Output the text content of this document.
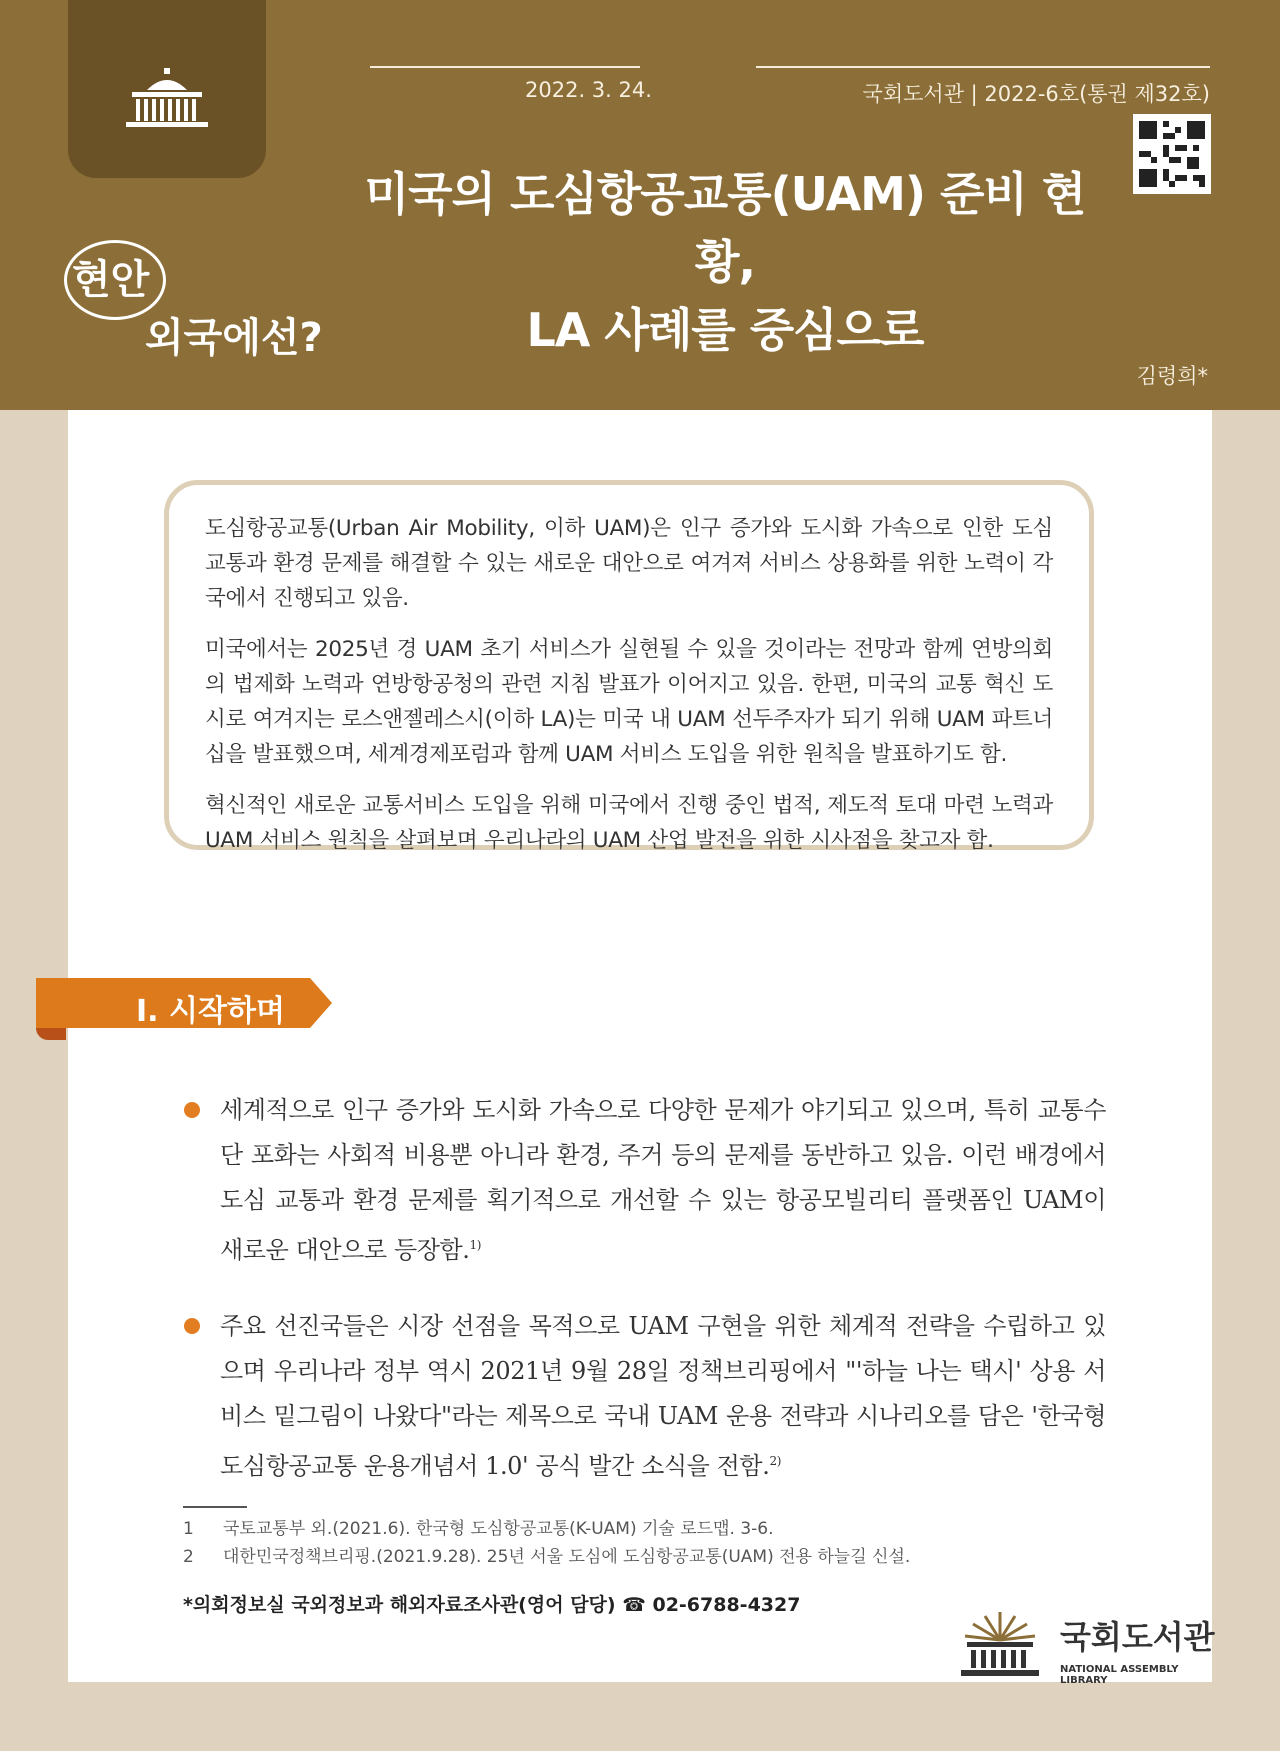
2022. 3. 24.	국회도서관 | 2022-6호(통권 제32호)
현안
외국에선?
미국의 도심항공교통(UAM) 준비 현황,
LA 사례를 중심으로
김령희*

도심항공교통(Urban Air Mobility, 이하 UAM)은 인구 증가와 도시화 가속으로 인한 도심 교통과 환경 문제를 해결할 수 있는 새로운 대안으로 여겨져 서비스 상용화를 위한 노력이 각국에서 진행되고 있음.

미국에서는 2025년 경 UAM 초기 서비스가 실현될 수 있을 것이라는 전망과 함께 연방의회의 법제화 노력과 연방항공청의 관련 지침 발표가 이어지고 있음. 한편, 미국의 교통 혁신 도시로 여겨지는 로스앤젤레스시(이하 LA)는 미국 내 UAM 선두주자가 되기 위해 UAM 파트너십을 발표했으며, 세계경제포럼과 함께 UAM 서비스 도입을 위한 원칙을 발표하기도 함.

혁신적인 새로운 교통서비스 도입을 위해 미국에서 진행 중인 법적, 제도적 토대 마련 노력과 UAM 서비스 원칙을 살펴보며 우리나라의 UAM 산업 발전을 위한 시사점을 찾고자 함.

Ⅰ. 시작하며
세계적으로 인구 증가와 도시화 가속으로 다양한 문제가 야기되고 있으며, 특히 교통수단 포화는 사회적 비용뿐 아니라 환경, 주거 등의 문제를 동반하고 있음. 이런 배경에서 도심 교통과 환경 문제를 획기적으로 개선할 수 있는 항공모빌리티 플랫폼인 UAM이 새로운 대안으로 등장함.$^{1)}$
주요 선진국들은 시장 선점을 목적으로 UAM 구현을 위한 체계적 전략을 수립하고 있으며 우리나라 정부 역시 2021년 9월 28일 정책브리핑에서 "'하늘 나는 택시' 상용 서비스 밑그림이 나왔다"라는 제목으로 국내 UAM 운용 전략과 시나리오를 담은 '한국형 도심항공교통 운용개념서 1.0' 공식 발간 소식을 전함.$^{2)}$
1 국토교통부 외.(2021.6). 한국형 도심항공교통(K-UAM) 기술 로드맵. 3-6.
2 대한민국정책브리핑.(2021.9.28). 25년 서울 도심에 도심항공교통(UAM) 전용 하늘길 신설.
*의회정보실 국외정보과 해외자료조사관(영어 담당) ☎ 02-6788-4327
국회도서관
NATIONAL ASSEMBLY LIBRARY
